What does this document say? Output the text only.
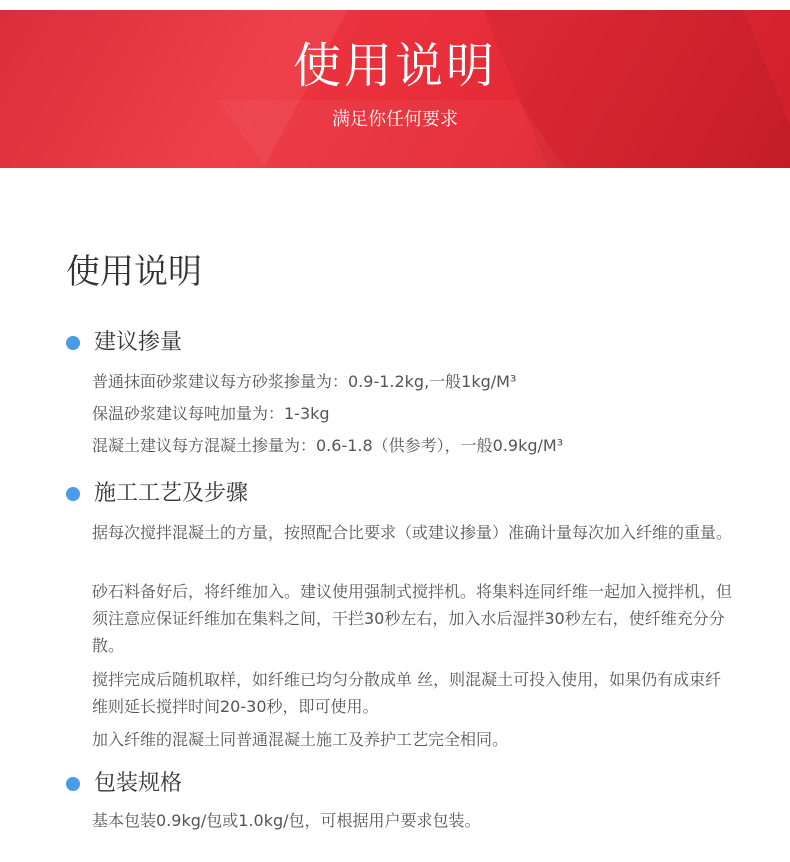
使用说明
满足你任何要求
使用说明
建议掺量

普通抹面砂浆建议每方砂浆掺量为：0.9-1.2kg,一般1kg/M³

保温砂浆建议每吨加量为：1-3kg

混凝土建议每方混凝土掺量为：0.6-1.8（供参考），一般0.9kg/M³

施工工艺及步骤

据每次搅拌混凝土的方量，按照配合比要求（或建议掺量）准确计量每次加入纤维的重量。

砂石料备好后，将纤维加入。建议使用强制式搅拌机。将集料连同纤维一起加入搅拌机，但须注意应保证纤维加在集料之间，干拦30秒左右，加入水后湿拌30秒左右，使纤维充分分散。

搅拌完成后随机取样，如纤维已均匀分散成单 丝，则混凝土可投入使用，如果仍有成束纤维则延长搅拌时间20-30秒，即可使用。

加入纤维的混凝土同普通混凝土施工及养护工艺完全相同。

包装规格

基本包装0.9kg/包或1.0kg/包，可根据用户要求包装。
